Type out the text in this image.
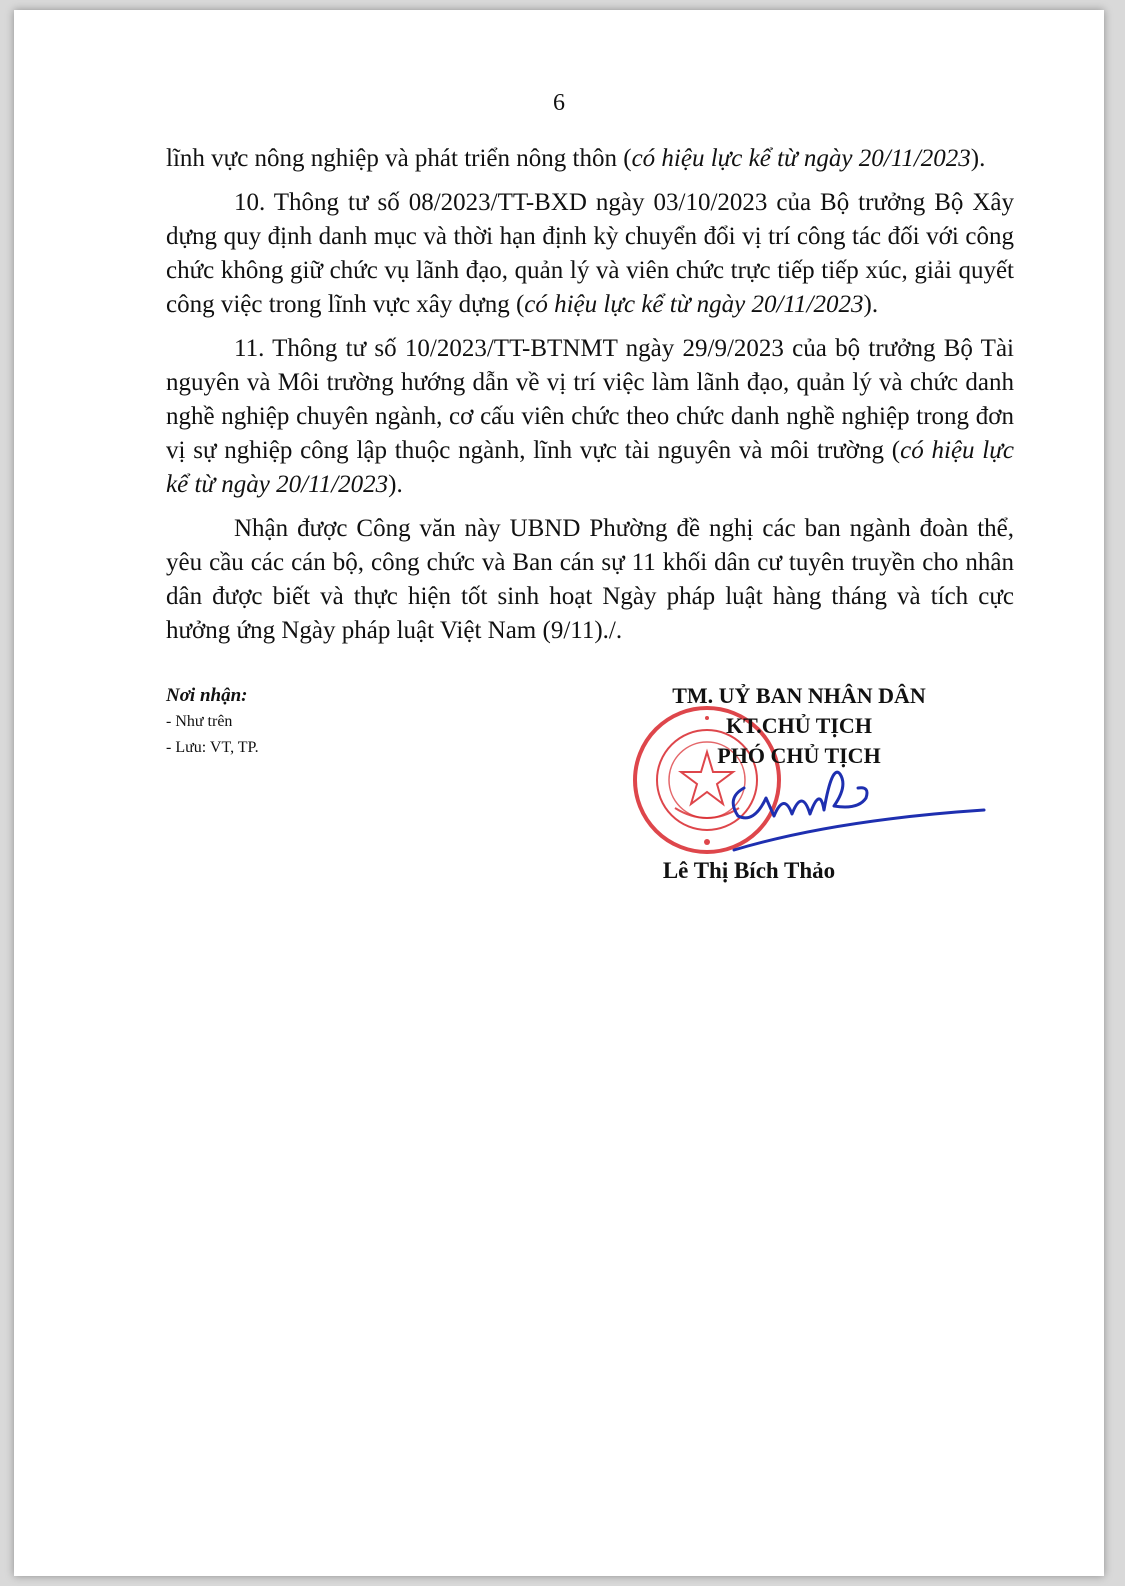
6

lĩnh vực nông nghiệp và phát triển nông thôn (có hiệu lực kể từ ngày 20/11/2023).

10. Thông tư số 08/2023/TT-BXD ngày 03/10/2023 của Bộ trưởng Bộ Xây dựng quy định danh mục và thời hạn định kỳ chuyển đổi vị trí công tác đối với công chức không giữ chức vụ lãnh đạo, quản lý và viên chức trực tiếp tiếp xúc, giải quyết công việc trong lĩnh vực xây dựng (có hiệu lực kể từ ngày 20/11/2023).

11. Thông tư số 10/2023/TT-BTNMT ngày 29/9/2023 của bộ trưởng Bộ Tài nguyên và Môi trường hướng dẫn về vị trí việc làm lãnh đạo, quản lý và chức danh nghề nghiệp chuyên ngành, cơ cấu viên chức theo chức danh nghề nghiệp trong đơn vị sự nghiệp công lập thuộc ngành, lĩnh vực tài nguyên và môi trường (có hiệu lực kể từ ngày 20/11/2023).

Nhận được Công văn này UBND Phường đề nghị các ban ngành đoàn thể, yêu cầu các cán bộ, công chức và Ban cán sự 11 khối dân cư tuyên truyền cho nhân dân được biết và thực hiện tốt sinh hoạt Ngày pháp luật hàng tháng và tích cực hưởng ứng Ngày pháp luật Việt Nam (9/11)./.

Nơi nhận:
- Như trên
- Lưu: VT, TP.
TM. UỶ BAN NHÂN DÂN
KT.CHỦ TỊCH
PHÓ CHỦ TỊCH
Lê Thị Bích Thảo
